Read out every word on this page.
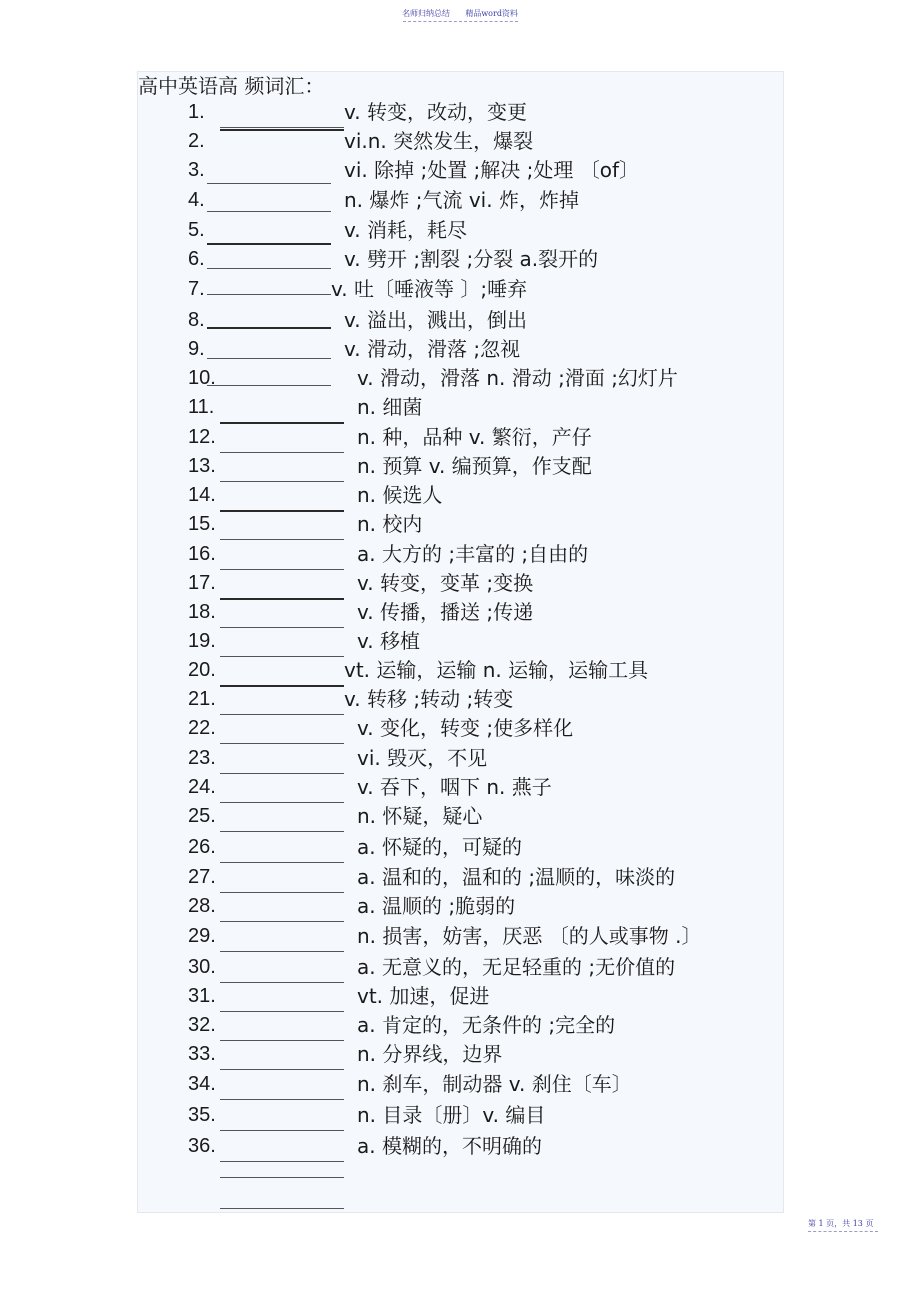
名师归纳总结 精品word资料
高中英语高 频词汇：
1.	v. 转变，改动，变更
2.	vi.n. 突然发生，爆裂
3.	vi. 除掉 ;处置 ;解决 ;处理 〔of〕
4.	n. 爆炸 ;气流 vi. 炸，炸掉
5.	v. 消耗，耗尽
6.	v. 劈开 ;割裂 ;分裂 a.裂开的
7.	v. 吐〔唾液等 〕;唾弃
8.	v. 溢出，溅出，倒出
9.	v. 滑动，滑落 ;忽视
10.	v. 滑动，滑落 n. 滑动 ;滑面 ;幻灯片
11.	n. 细菌
12.	n. 种，品种 v. 繁衍，产仔
13.	n. 预算 v. 编预算，作支配
14.	n. 候选人
15.	n. 校内
16.	a. 大方的 ;丰富的 ;自由的
17.	v. 转变，变革 ;变换
18.	v. 传播，播送 ;传递
19.	v. 移植
20.	vt. 运输，运输 n. 运输，运输工具
21.	v. 转移 ;转动 ;转变
22.	v. 变化，转变 ;使多样化
23.	vi. 毁灭，不见
24.	v. 吞下，咽下 n. 燕子
25.	n. 怀疑，疑心
26.	a. 怀疑的，可疑的
27.	a. 温和的，温和的 ;温顺的，味淡的
28.	a. 温顺的 ;脆弱的
29.	n. 损害，妨害，厌恶 〔的人或事物 .〕
30.	a. 无意义的，无足轻重的 ;无价值的
31.	vt. 加速，促进
32.	a. 肯定的，无条件的 ;完全的
33.	n. 分界线，边界
34.	n. 刹车，制动器 v. 刹住〔车〕
35.	n. 目录〔册〕v. 编目
36.	a. 模糊的，不明确的
第 1 页，共 13 页
